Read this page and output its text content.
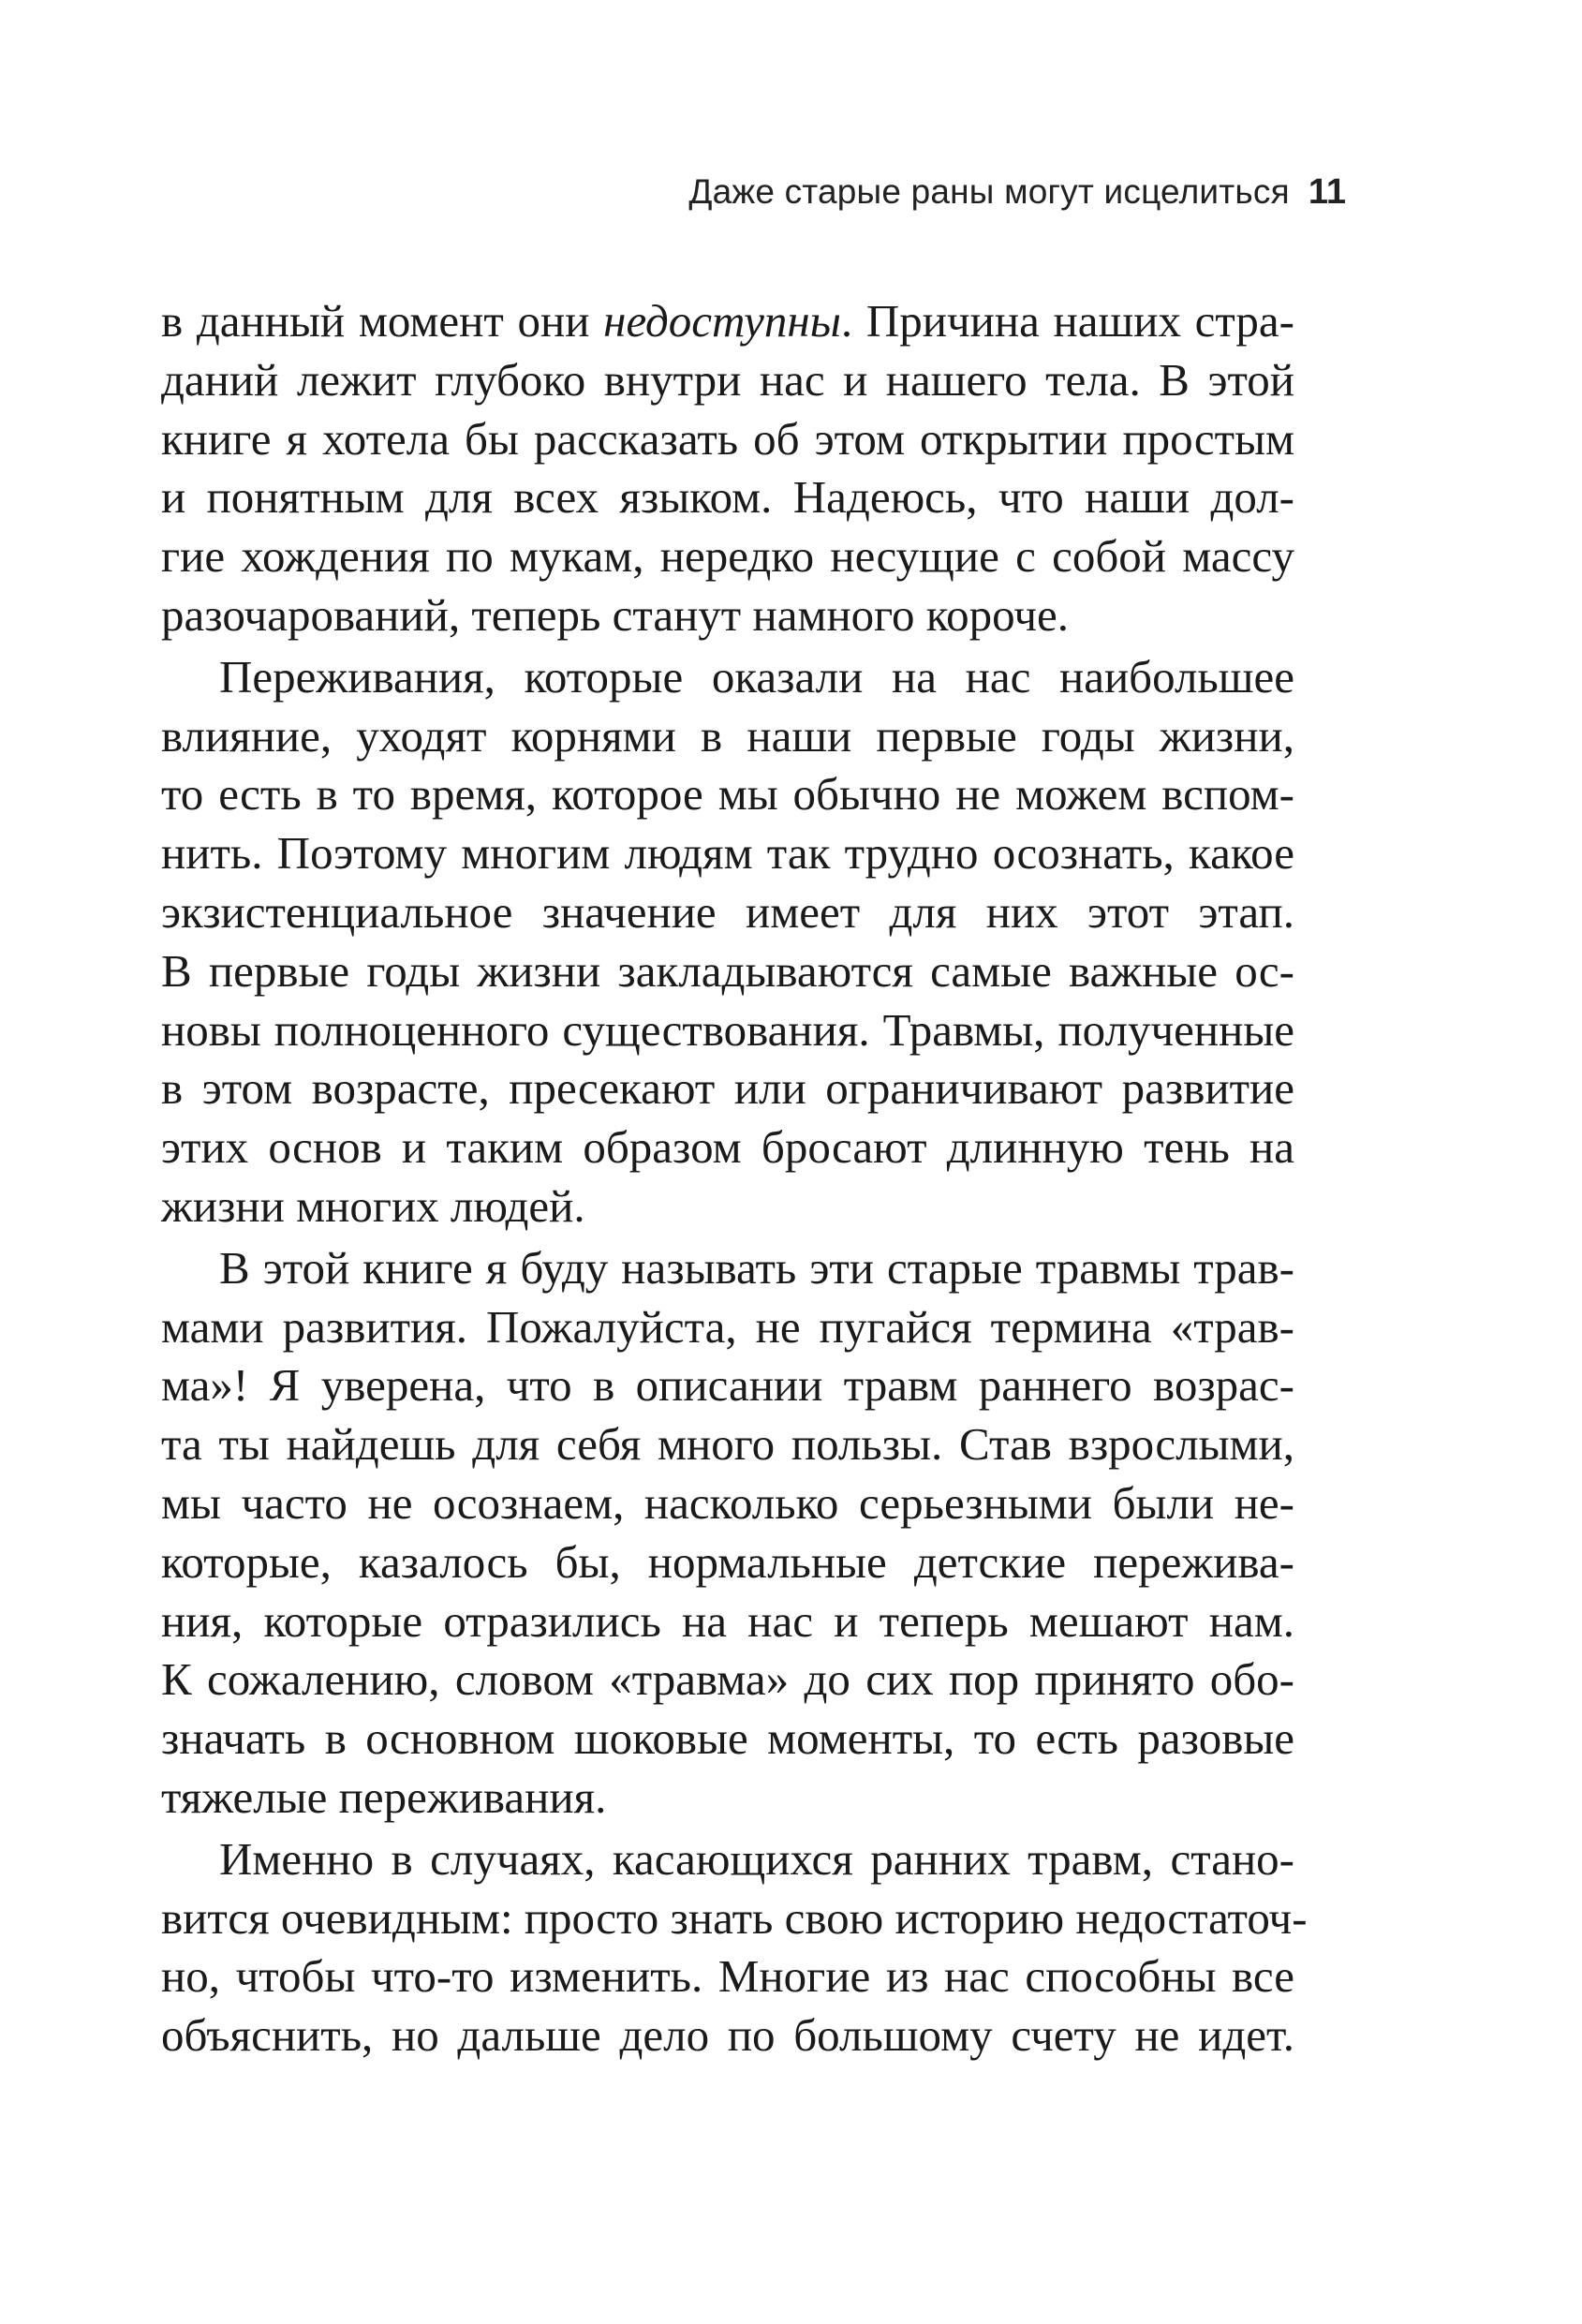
Даже старые раны могут исцелиться 11
в данный момент они недоступны. Причина наших стра-
даний лежит глубоко внутри нас и нашего тела. В этой
книге я хотела бы рассказать об этом открытии простым
и понятным для всех языком. Надеюсь, что наши дол-
гие хождения по мукам, нередко несущие с собой массу
разочарований, теперь станут намного короче.
Переживания, которые оказали на нас наибольшее
влияние, уходят корнями в наши первые годы жизни,
то есть в то время, которое мы обычно не можем вспом-
нить. Поэтому многим людям так трудно осознать, какое
экзистенциальное значение имеет для них этот этап.
В первые годы жизни закладываются самые важные ос-
новы полноценного существования. Травмы, полученные
в этом возрасте, пресекают или ограничивают развитие
этих основ и таким образом бросают длинную тень на
жизни многих людей.
В этой книге я буду называть эти старые травмы трав-
мами развития. Пожалуйста, не пугайся термина «трав-
ма»! Я уверена, что в описании травм раннего возрас-
та ты найдешь для себя много пользы. Став взрослыми,
мы часто не осознаем, насколько серьезными были не-
которые, казалось бы, нормальные детские пережива-
ния, которые отразились на нас и теперь мешают нам.
К сожалению, словом «травма» до сих пор принято обо-
значать в основном шоковые моменты, то есть разовые
тяжелые переживания.
Именно в случаях, касающихся ранних травм, стано-
вится очевидным: просто знать свою историю недостаточ-
но, чтобы что-то изменить. Многие из нас способны все
объяснить, но дальше дело по большому счету не идет.
